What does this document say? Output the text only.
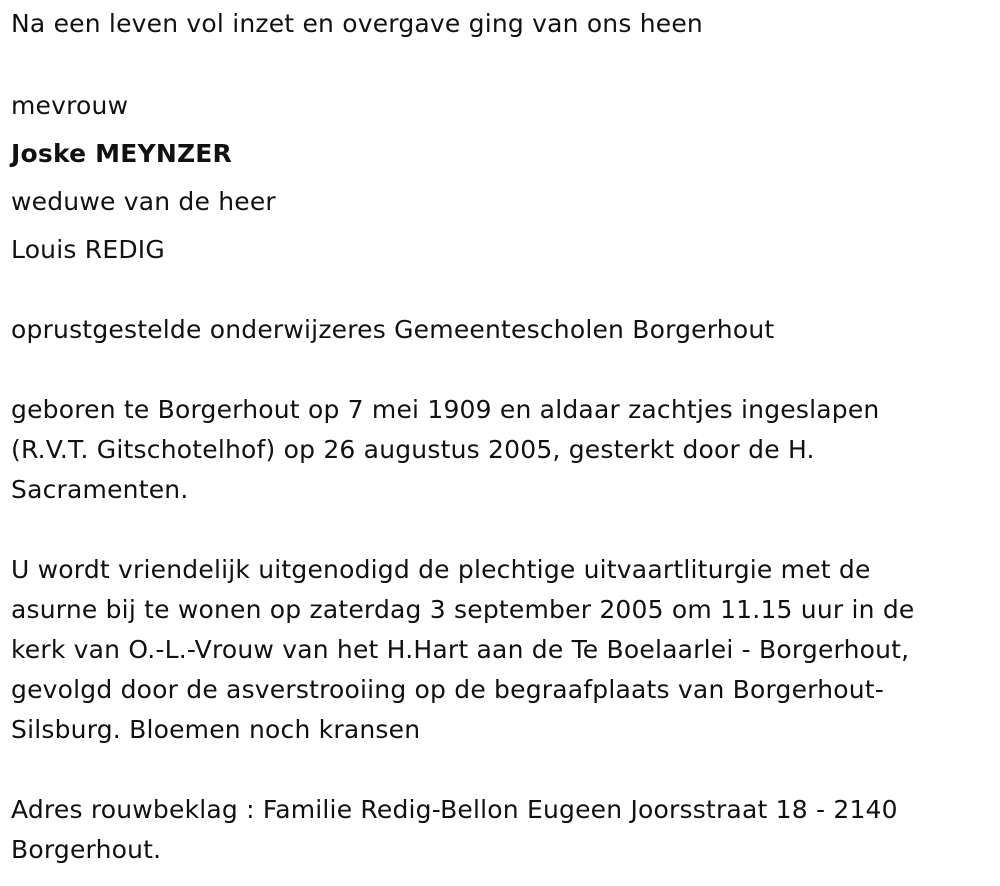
Na een leven vol inzet en overgave ging van ons heen
mevrouw
Joske MEYNZER
weduwe van de heer
Louis REDIG
oprustgestelde onderwijzeres Gemeentescholen Borgerhout
geboren te Borgerhout op 7 mei 1909 en aldaar zachtjes ingeslapen
(R.V.T. Gitschotelhof) op 26 augustus 2005, gesterkt door de H.
Sacramenten.
U wordt vriendelijk uitgenodigd de plechtige uitvaartliturgie met de
asurne bij te wonen op zaterdag 3 september 2005 om 11.15 uur in de
kerk van O.-L.-Vrouw van het H.Hart aan de Te Boelaarlei - Borgerhout,
gevolgd door de asverstrooiing op de begraafplaats van Borgerhout-
Silsburg. Bloemen noch kransen
Adres rouwbeklag : Familie Redig-Bellon Eugeen Joorsstraat 18 - 2140
Borgerhout.
